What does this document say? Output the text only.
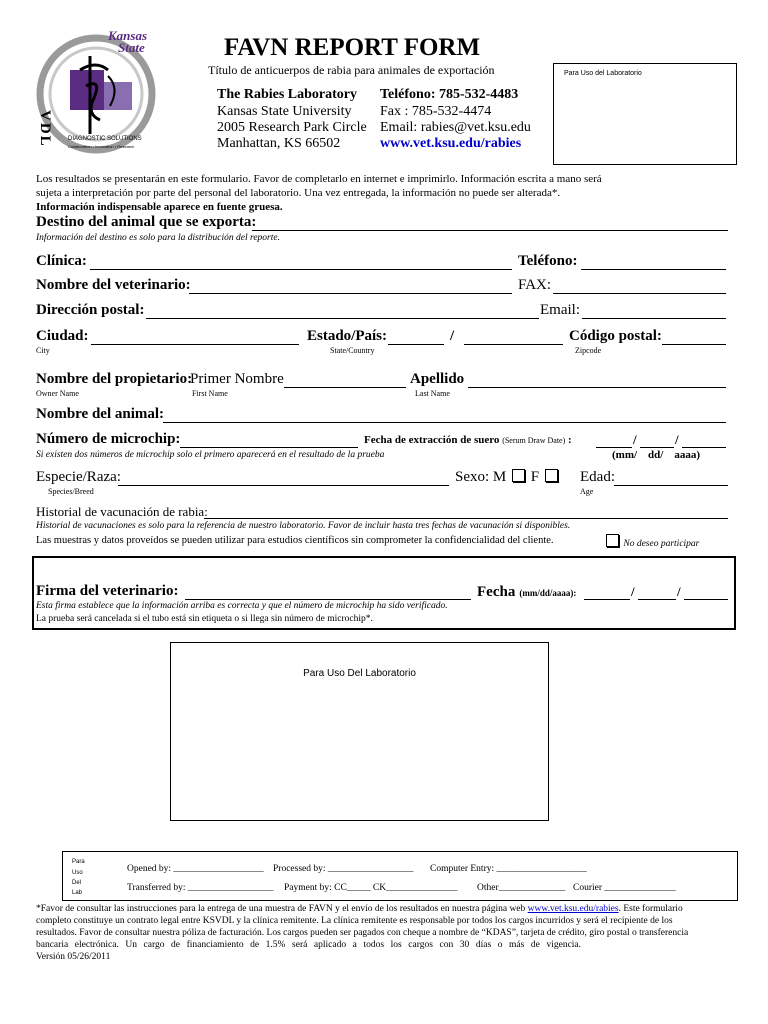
Kansas
State
VDL	DIAGNOSTIC SOLUTIONS
Collaboration • Innovation • Research
FAVN REPORT FORM
Título de anticuerpos de rabia para animales de exportación
The Rabies Laboratory
Kansas State University
2005 Research Park Circle
Manhattan, KS 66502
Teléfono: 785-532-4483
Fax : 785-532-4474
Email: rabies@vet.ksu.edu
www.vet.ksu.edu/rabies
Para Uso del Laboratorio
Los resultados se presentarán en este formulario. Favor de completarlo en internet e imprimirlo. Información escrita a mano será
sujeta a interpretación por parte del personal del laboratorio. Una vez entregada, la información no puede ser alterada*.
Información indispensable aparece en fuente gruesa.
Destino del animal que se exporta:
Información del destino es solo para la distribución del reporte.
Clínica:	Teléfono:
Nombre del veterinario:	FAX:
Dirección postal:	Email:
Ciudad:
City
Estado/País:	/
State/Country
Código postal:
Zipcode
Nombre del propietario:
Owner Name
Primer Nombre
First Name
Apellido
Last Name
Nombre del animal:
Número de microchip:	Fecha de extracción de suero (Serum Draw Date) :	/	/
Si existen dos números de microchip solo el primero aparecerá en el resultado de la prueba	(mm/    dd/    aaaa)
Especie/Raza:
Species/Breed
Sexo: M F	Edad:
Age
Historial de vacunación de rabia:
Historial de vacunaciones es solo para la referencia de nuestro laboratorio. Favor de incluir hasta tres fechas de vacunación si disponibles.
Las muestras y datos proveídos se pueden utilizar para estudios científicos sin comprometer la confidencialidad del cliente.	No deseo participar
Firma del veterinario:	Fecha (mm/dd/aaaa):	/	/
Esta firma establece que la información arriba es correcta y que el número de microchip ha sido verificado.
La prueba será cancelada si el tubo está sin etiqueta o si llega sin número de microchip*.
Para Uso Del Laboratorio
Para
Uso
Del
Lab
Opened by: ___________________ Processed by: __________________ Computer Entry: ___________________
Transferred by: __________________ Payment by: CC_____ CK_______________ Other______________ Courier _______________
*Favor de consultar las instrucciones para la entrega de una muestra de FAVN y el envío de los resultados en nuestra página web www.vet.ksu.edu/rabies. Este formulario
completo constituye un contrato legal entre KSVDL y la clínica remitente. La clínica remitente es responsable por todos los cargos incurridos y será el recipiente de los
resultados. Favor de consultar nuestra póliza de facturación. Los cargos pueden ser pagados con cheque a nombre de “KDAS”, tarjeta de crédito, giro postal o transferencia
bancaria electrónica. Un cargo de financiamiento de 1.5% será aplicado a todos los cargos con 30 días o más de vigencia.
Versión 05/26/2011
